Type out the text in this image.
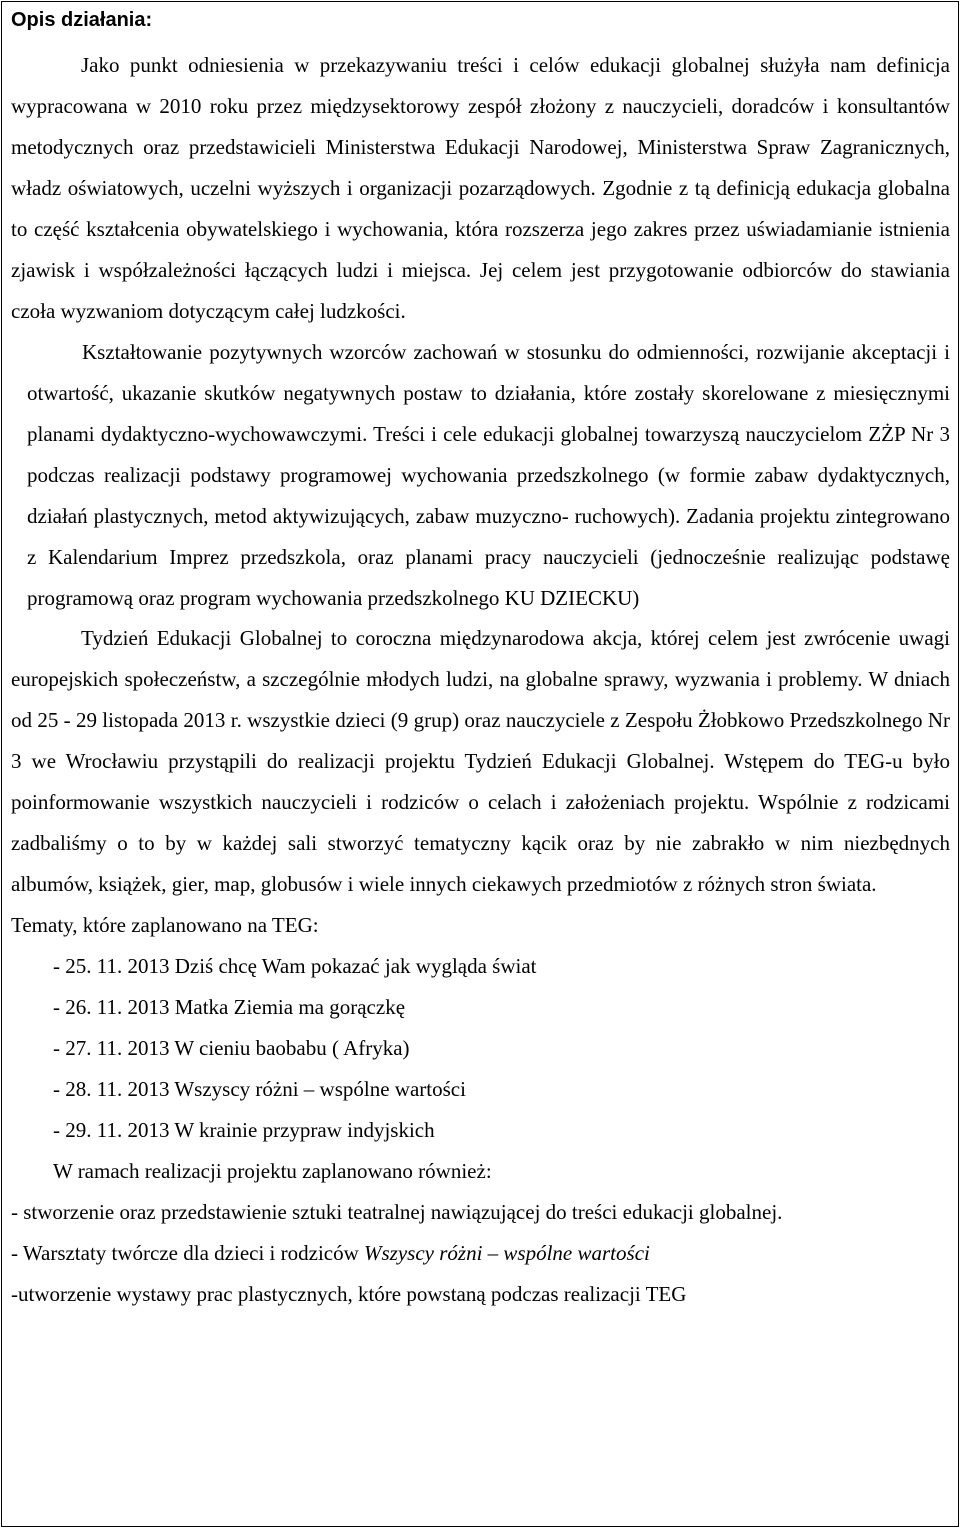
Opis działania:

Jako punkt odniesienia w przekazywaniu treści i celów edukacji globalnej służyła nam definicja wypracowana w 2010 roku przez międzysektorowy zespół złożony z nauczycieli, doradców i konsultantów metodycznych oraz przedstawicieli Ministerstwa Edukacji Narodowej, Ministerstwa Spraw Zagranicznych, władz oświatowych, uczelni wyższych i organizacji pozarządowych. Zgodnie z tą definicją edukacja globalna to część kształcenia obywatelskiego i wychowania, która rozszerza jego zakres przez uświadamianie istnienia zjawisk i współzależności łączących ludzi i miejsca. Jej celem jest przygotowanie odbiorców do stawiania czoła wyzwaniom dotyczącym całej ludzkości.

Kształtowanie pozytywnych wzorców zachowań w stosunku do odmienności, rozwijanie akceptacji i otwartość, ukazanie skutków negatywnych postaw to działania, które zostały skorelowane z miesięcznymi planami dydaktyczno-wychowawczymi. Treści i cele edukacji globalnej towarzyszą nauczycielom ZŻP Nr 3 podczas realizacji podstawy programowej wychowania przedszkolnego (w formie zabaw dydaktycznych, działań plastycznych, metod aktywizujących, zabaw muzyczno- ruchowych). Zadania projektu zintegrowano z Kalendarium Imprez przedszkola, oraz planami pracy nauczycieli (jednocześnie realizując podstawę programową oraz program wychowania przedszkolnego KU DZIECKU)

Tydzień Edukacji Globalnej to coroczna międzynarodowa akcja, której celem jest zwrócenie uwagi europejskich społeczeństw, a szczególnie młodych ludzi, na globalne sprawy, wyzwania i problemy. W dniach od 25 - 29 listopada 2013 r. wszystkie dzieci (9 grup) oraz nauczyciele z Zespołu Żłobkowo Przedszkolnego Nr 3 we Wrocławiu przystąpili do realizacji projektu Tydzień Edukacji Globalnej. Wstępem do TEG-u było poinformowanie wszystkich nauczycieli i rodziców o celach i założeniach projektu. Wspólnie z rodzicami zadbaliśmy o to by w każdej sali stworzyć tematyczny kącik oraz by nie zabrakło w nim niezbędnych albumów, książek, gier, map, globusów i wiele innych ciekawych przedmiotów z różnych stron świata.

Tematy, które zaplanowano na TEG:

- 25. 11. 2013 Dziś chcę Wam pokazać jak wygląda świat
- 26. 11. 2013 Matka Ziemia ma gorączkę
- 27. 11. 2013 W cieniu baobabu ( Afryka)
- 28. 11. 2013 Wszyscy różni – wspólne wartości
- 29. 11. 2013 W krainie przypraw indyjskich

W ramach realizacji projektu zaplanowano również:

- stworzenie oraz przedstawienie sztuki teatralnej nawiązującej do treści edukacji globalnej.

- Warsztaty twórcze dla dzieci i rodziców Wszyscy różni – wspólne wartości

-utworzenie wystawy prac plastycznych, które powstaną podczas realizacji TEG
